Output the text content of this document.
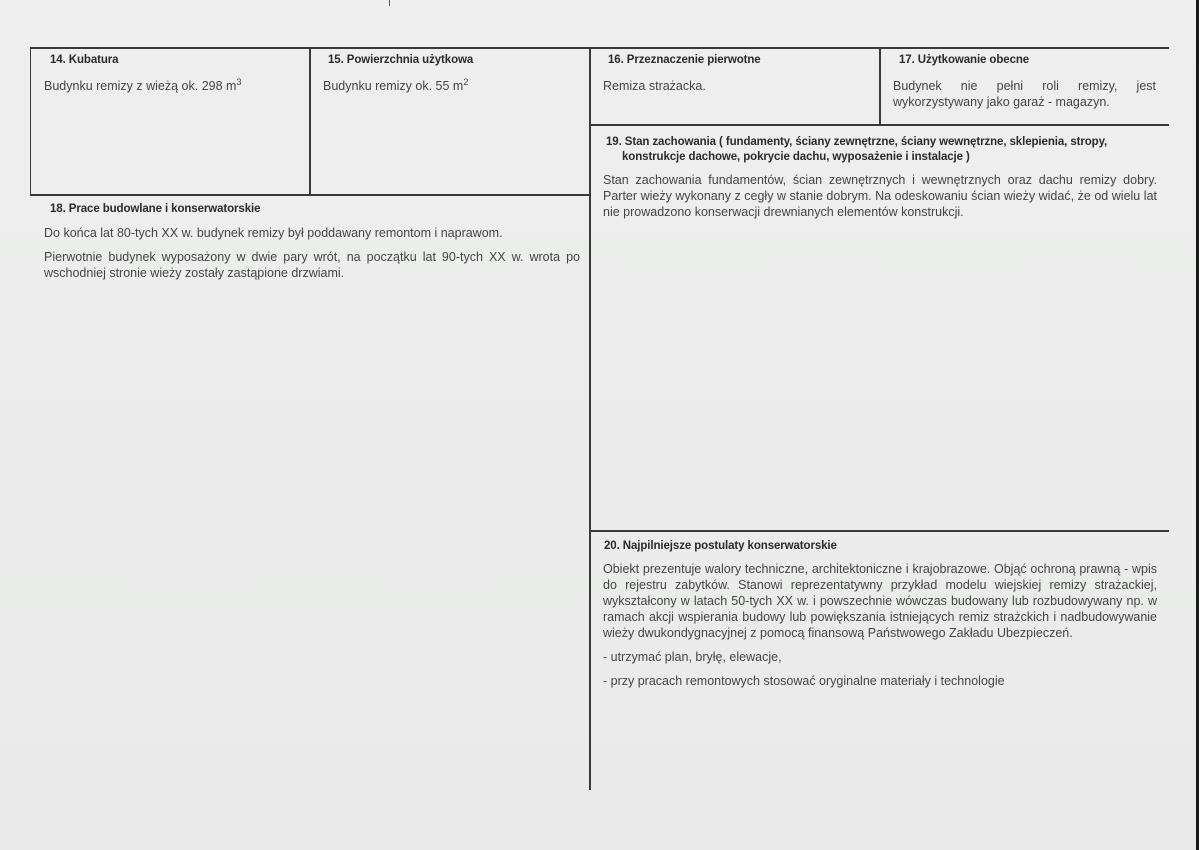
14. Kubatura
Budynku remizy z wieżą ok. 298 $m^3$
15. Powierzchnia użytkowa
Budynku remizy ok. 55 $m^2$
16. Przeznaczenie pierwotne
Remiza strażacka.
17. Użytkowanie obecne
Budynek nie pełni roli remizy, jest wykorzystywany jako garaż - magazyn.
18. Prace budowlane i konserwatorskie

Do końca lat 80-tych XX w. budynek remizy był poddawany remontom i naprawom.

Pierwotnie budynek wyposażony w dwie pary wrót, na początku lat 90-tych XX w. wrota po wschodniej stronie wieży zostały zastąpione drzwiami.

19. Stan zachowania ( fundamenty, ściany zewnętrzne, ściany wewnętrzne, sklepienia, stropy,
konstrukcje dachowe, pokrycie dachu, wyposażenie i instalacje )
Stan zachowania fundamentów, ścian zewnętrznych i wewnętrznych oraz dachu remizy dobry. Parter wieży wykonany z cegły w stanie dobrym. Na odeskowaniu ścian wieży widać, że od wielu lat nie prowadzono konserwacji drewnianych elementów konstrukcji.
20. Najpilniejsze postulaty konserwatorskie

Obiekt prezentuje walory techniczne, architektoniczne i krajobrazowe. Objąć ochroną prawną - wpis do rejestru zabytków. Stanowi reprezentatywny przykład modelu wiejskiej remizy strażackiej, wykształcony w latach 50-tych XX w. i powszechnie wówczas budowany lub rozbudowywany np. w ramach akcji wspierania budowy lub powiększania istniejących remiz strażckich i nadbudowywanie wieży dwukondygnacyjnej z pomocą finansową Państwowego Zakładu Ubezpieczeń.

- utrzymać plan, bryłę, elewacje,

- przy pracach remontowych stosować oryginalne materiały i technologie
